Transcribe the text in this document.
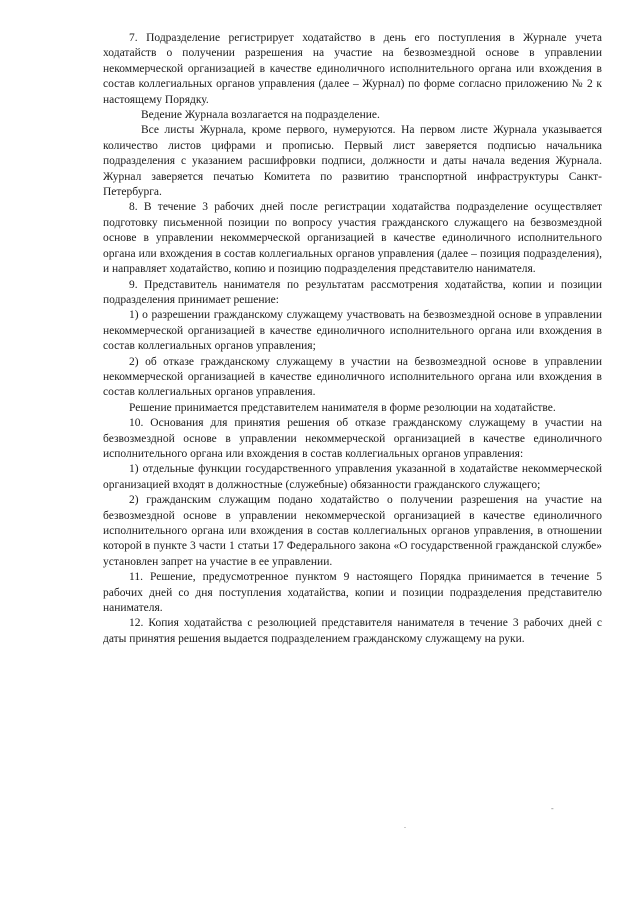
7. Подразделение регистрирует ходатайство в день его поступления в Журнале учета ходатайств о получении разрешения на участие на безвозмездной основе в управлении некоммерческой организацией в качестве единоличного исполнительного органа или вхождения в состав коллегиальных органов управления (далее – Журнал) по форме согласно приложению № 2 к настоящему Порядку.

Ведение Журнала возлагается на подразделение.

Все листы Журнала, кроме первого, нумеруются. На первом листе Журнала указывается количество листов цифрами и прописью. Первый лист заверяется подписью начальника подразделения с указанием расшифровки подписи, должности и даты начала ведения Журнала. Журнал заверяется печатью Комитета по развитию транспортной инфраструктуры Санкт-Петербурга.

8. В течение 3 рабочих дней после регистрации ходатайства подразделение осуществляет подготовку письменной позиции по вопросу участия гражданского служащего на безвозмездной основе в управлении некоммерческой организацией в качестве единоличного исполнительного органа или вхождения в состав коллегиальных органов управления (далее – позиция подразделения), и направляет ходатайство, копию и позицию подразделения представителю нанимателя.

9. Представитель нанимателя по результатам рассмотрения ходатайства, копии и позиции подразделения принимает решение:

1) о разрешении гражданскому служащему участвовать на безвозмездной основе в управлении некоммерческой организацией в качестве единоличного исполнительного органа или вхождения в состав коллегиальных органов управления;

2) об отказе гражданскому служащему в участии на безвозмездной основе в управлении некоммерческой организацией в качестве единоличного исполнительного органа или вхождения в состав коллегиальных органов управления.

Решение принимается представителем нанимателя в форме резолюции на ходатайстве.

10. Основания для принятия решения об отказе гражданскому служащему в участии на безвозмездной основе в управлении некоммерческой организацией в качестве единоличного исполнительного органа или вхождения в состав коллегиальных органов управления:

1) отдельные функции государственного управления указанной в ходатайстве некоммерческой организацией входят в должностные (служебные) обязанности гражданского служащего;

2) гражданским служащим подано ходатайство о получении разрешения на участие на безвозмездной основе в управлении некоммерческой организацией в качестве единоличного исполнительного органа или вхождения в состав коллегиальных органов управления, в отношении которой в пункте 3 части 1 статьи 17 Федерального закона «О государственной гражданской службе» установлен запрет на участие в ее управлении.

11. Решение, предусмотренное пунктом 9 настоящего Порядка принимается в течение 5 рабочих дней со дня поступления ходатайства, копии и позиции подразделения представителю нанимателя.

12. Копия ходатайства с резолюцией представителя нанимателя в течение 3 рабочих дней с даты принятия решения выдается подразделением гражданскому служащему на руки.

-
.
